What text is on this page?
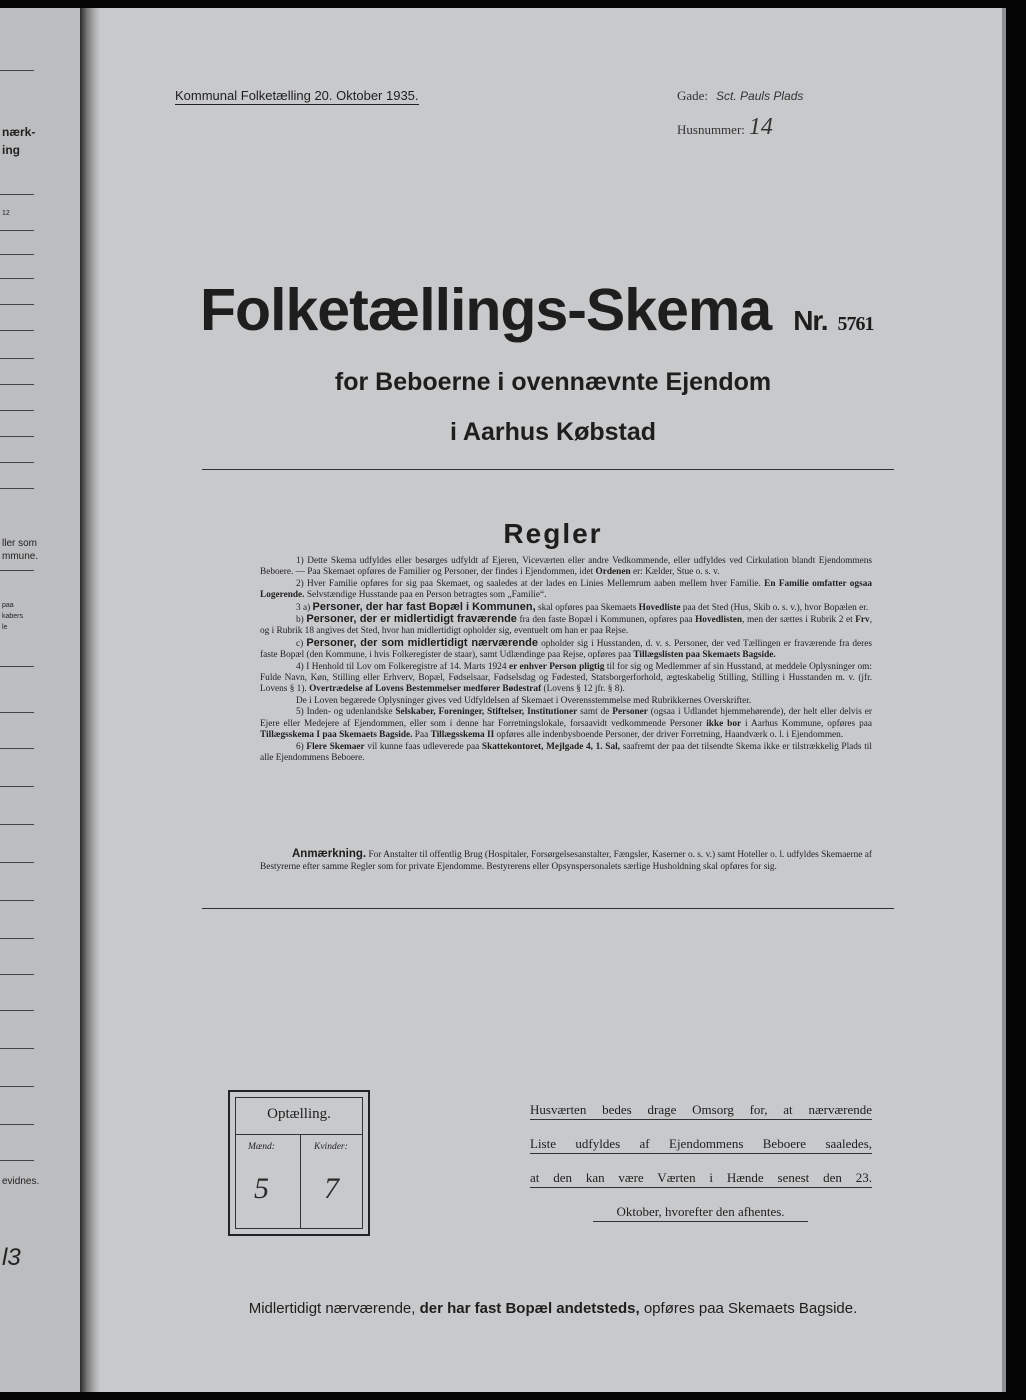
nærk-
ing
12
ller som
mmune.
paa
kabers
le
evidnes.
l3
Kommunal Folketælling 20. Oktober 1935.	Gade: Sct. Pauls Plads
Husnummer: 14
Folketællings-Skema Nr. 5761
for Beboerne i ovennævnte Ejendom
i Aarhus Købstad
Regler

1) Dette Skema udfyldes eller besørges udfyldt af Ejeren, Viceværten eller andre Vedkommende, eller udfyldes ved Cirkulation blandt Ejendommens Beboere. — Paa Skemaet opføres de Familier og Personer, der findes i Ejendommen, idet Ordenen er: Kælder, Stue o. s. v.

2) Hver Familie opføres for sig paa Skemaet, og saaledes at der lades en Linies Mellemrum aaben mellem hver Familie. En Familie omfatter ogsaa Logerende. Selvstændige Husstande paa en Person betragtes som „Familie“.

3 a) Personer, der har fast Bopæl i Kommunen, skal opføres paa Skemaets Hovedliste paa det Sted (Hus, Skib o. s. v.), hvor Bopælen er.

b) Personer, der er midlertidigt fraværende fra den faste Bopæl i Kommunen, opføres paa Hovedlisten, men der sættes i Rubrik 2 et Frv, og i Rubrik 18 angives det Sted, hvor han midlertidigt opholder sig, eventuelt om han er paa Rejse.

c) Personer, der som midlertidigt nærværende opholder sig i Husstanden, d. v. s. Personer, der ved Tællingen er fraværende fra deres faste Bopæl (den Kommune, i hvis Folkeregister de staar), samt Udlændinge paa Rejse, opføres paa Tillægslisten paa Skemaets Bagside.

4) I Henhold til Lov om Folkeregistre af 14. Marts 1924 er enhver Person pligtig til for sig og Medlemmer af sin Husstand, at meddele Oplysninger om: Fulde Navn, Køn, Stilling eller Erhverv, Bopæl, Fødselsaar, Fødselsdag og Fødested, Statsborgerforhold, ægteskabelig Stilling, Stilling i Husstanden m. v. (jfr. Lovens § 1). Overtrædelse af Lovens Bestemmelser medfører Bødestraf (Lovens § 12 jfr. § 8).

De i Loven begærede Oplysninger gives ved Udfyldelsen af Skemaet i Overensstemmelse med Rubrikkernes Overskrifter.

5) Inden- og udenlandske Selskaber, Foreninger, Stiftelser, Institutioner samt de Personer (ogsaa i Udlandet hjemmehørende), der helt eller delvis er Ejere eller Medejere af Ejendommen, eller som i denne har Forretningslokale, forsaavidt vedkommende Personer ikke bor i Aarhus Kommune, opføres paa Tillægsskema I paa Skemaets Bagside. Paa Tillægsskema II opføres alle indenbysboende Personer, der driver Forretning, Haandværk o. l. i Ejendommen.

6) Flere Skemaer vil kunne faas udleverede paa Skattekontoret, Mejlgade 4, 1. Sal, saafremt der paa det tilsendte Skema ikke er tilstrækkelig Plads til alle Ejendommens Beboere.

Anmærkning. For Anstalter til offentlig Brug (Hospitaler, Forsørgelsesanstalter, Fængsler, Kaserner o. s. v.) samt Hoteller o. l. udfyldes Skemaerne af Bestyrerne efter samme Regler som for private Ejendomme. Bestyrerens eller Opsynspersonalets særlige Husholdning skal opføres for sig.
Optælling.
Mænd:	Kvinder:
5 7
Husværten bedes drage Omsorg for, at nærværende
Liste udfyldes af Ejendommens Beboere saaledes,
at den kan være Værten i Hænde senest den 23.
Oktober, hvorefter den afhentes.
Midlertidigt nærværende, der har fast Bopæl andetsteds, opføres paa Skemaets Bagside.
